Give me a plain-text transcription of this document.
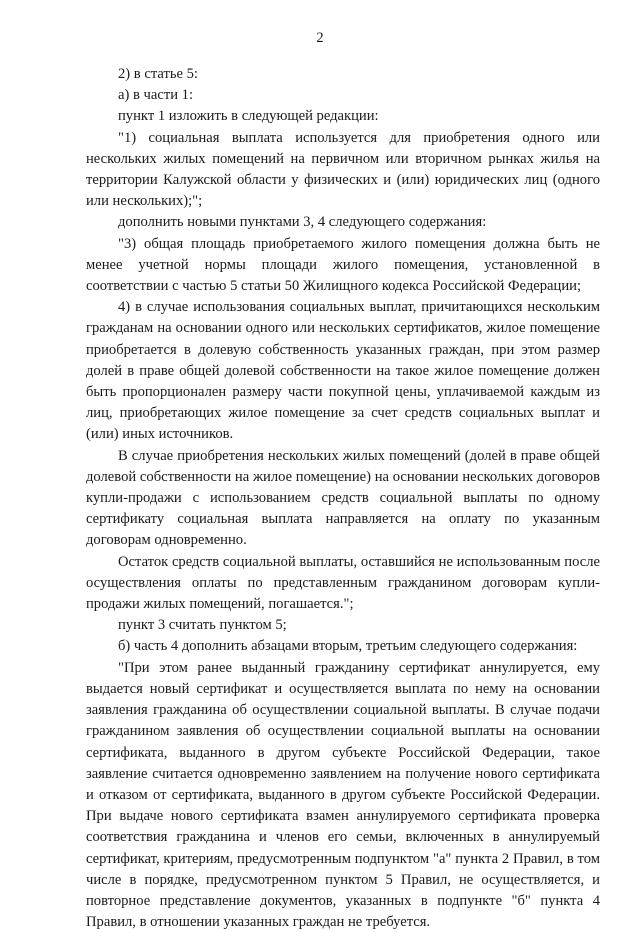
2

2) в статье 5:

а) в части 1:

пункт 1 изложить в следующей редакции:

"1) социальная выплата используется для приобретения одного или нескольких жилых помещений на первичном или вторичном рынках жилья на территории Калужской области у физических и (или) юридических лиц (одного или нескольких);";

дополнить новыми пунктами 3, 4 следующего содержания:

"3) общая площадь приобретаемого жилого помещения должна быть не менее учетной нормы площади жилого помещения, установленной в соответствии с частью 5 статьи 50 Жилищного кодекса Российской Федерации;

4) в случае использования социальных выплат, причитающихся нескольким гражданам на основании одного или нескольких сертификатов, жилое помещение приобретается в долевую собственность указанных граждан, при этом размер долей в праве общей долевой собственности на такое жилое помещение должен быть пропорционален размеру части покупной цены, уплачиваемой каждым из лиц, приобретающих жилое помещение за счет средств социальных выплат и (или) иных источников.

В случае приобретения нескольких жилых помещений (долей в праве общей долевой собственности на жилое помещение) на основании нескольких договоров купли-продажи с использованием средств социальной выплаты по одному сертификату социальная выплата направляется на оплату по указанным договорам одновременно.

Остаток средств социальной выплаты, оставшийся не использованным после осуществления оплаты по представленным гражданином договорам купли-продажи жилых помещений, погашается.";

пункт 3 считать пунктом 5;

б) часть 4 дополнить абзацами вторым, третьим следующего содержания:

"При этом ранее выданный гражданину сертификат аннулируется, ему выдается новый сертификат и осуществляется выплата по нему на основании заявления гражданина об осуществлении социальной выплаты. В случае подачи гражданином заявления об осуществлении социальной выплаты на основании сертификата, выданного в другом субъекте Российской Федерации, такое заявление считается одновременно заявлением на получение нового сертификата и отказом от сертификата, выданного в другом субъекте Российской Федерации. При выдаче нового сертификата взамен аннулируемого сертификата проверка соответствия гражданина и членов его семьи, включенных в аннулируемый сертификат, критериям, предусмотренным подпунктом "а" пункта 2 Правил, в том числе в порядке, предусмотренном пунктом 5 Правил, не осуществляется, и повторное представление документов, указанных в подпункте "б" пункта 4 Правил, в отношении указанных граждан не требуется.
